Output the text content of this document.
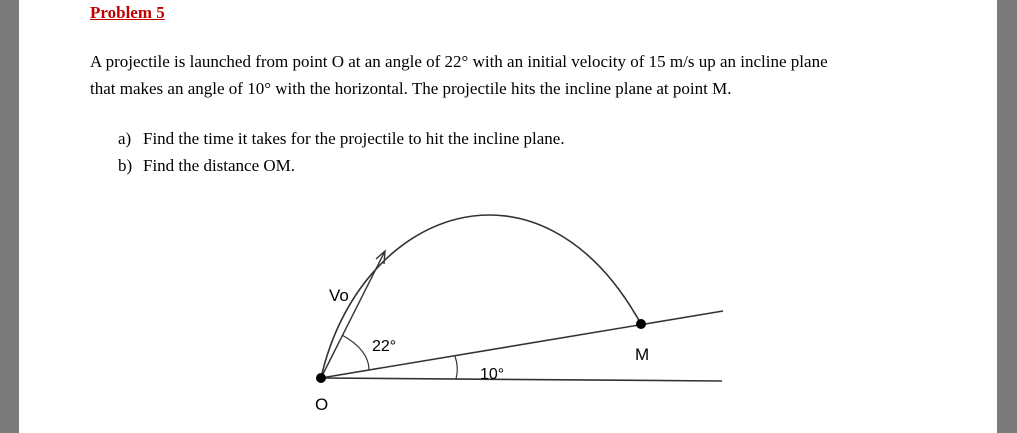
Problem 5
A projectile is launched from point O at an angle of 22° with an initial velocity of 15 m/s up an incline plane
that makes an angle of 10° with the horizontal. The projectile hits the incline plane at point M.
a) Find the time it takes for the projectile to hit the incline plane.
b) Find the distance OM.
Vo
22°
10°
O
M
